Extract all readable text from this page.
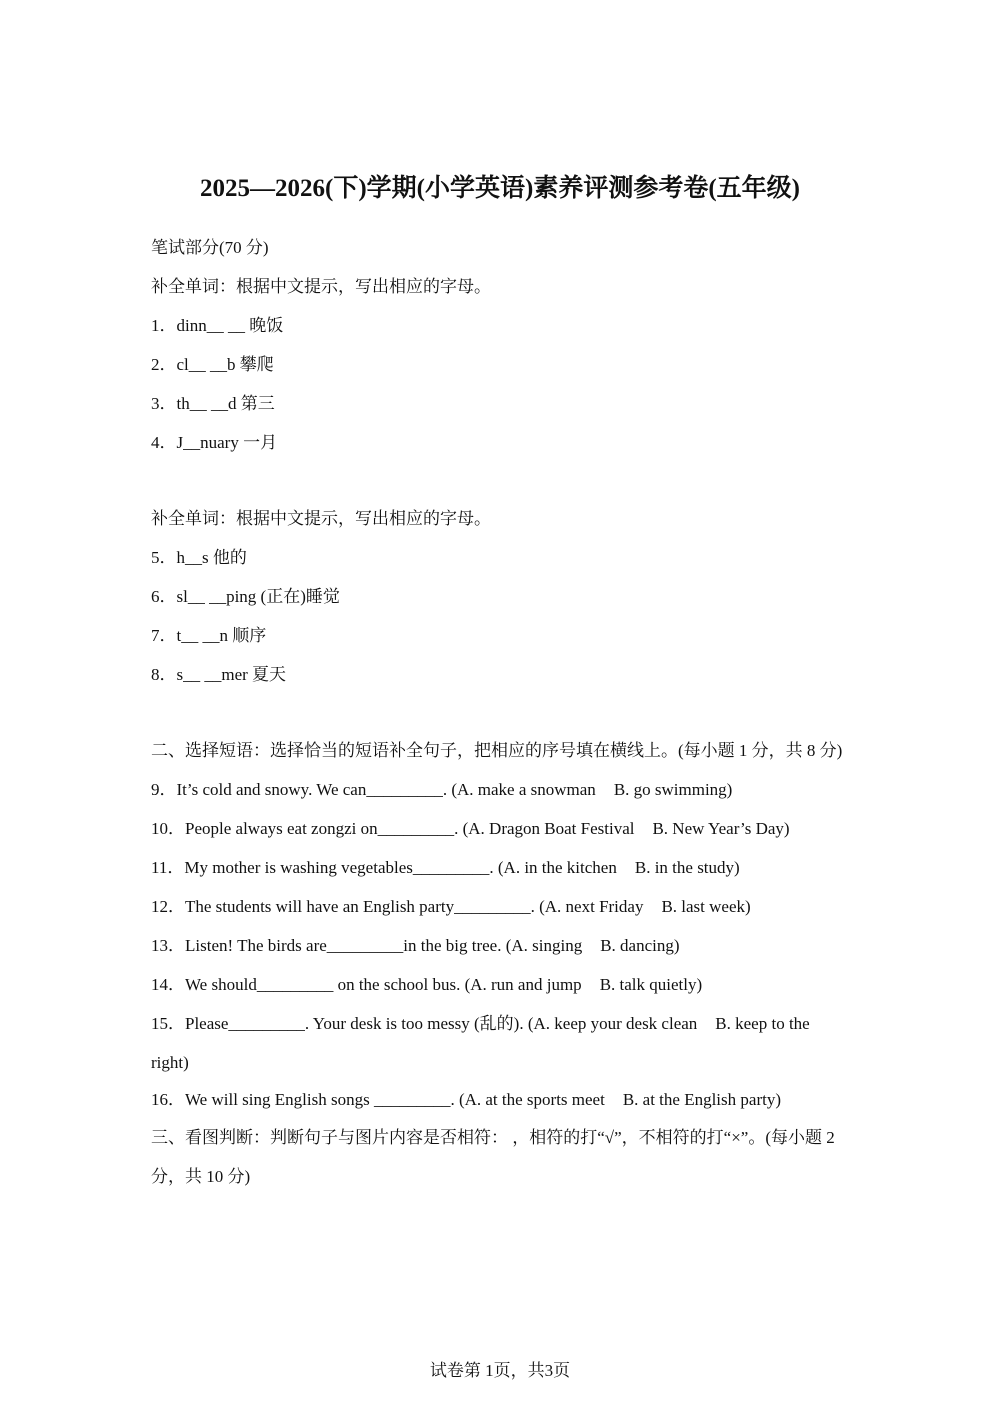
2025—2026(下)学期(小学英语)素养评测参考卷(五年级)
笔试部分(70 分)
补全单词：根据中文提示，写出相应的字母。
1．dinn__ __ 晚饭
2．cl__ __b 攀爬
3．th__ __d 第三
4．J__nuary 一月
补全单词：根据中文提示，写出相应的字母。
5．h__s 他的
6．sl__ __ping (正在)睡觉
7．t__ __n 顺序
8．s__ __mer 夏天
二、选择短语：选择恰当的短语补全句子，把相应的序号填在横线上。(每小题 1 分，共 8 分)
9．It’s cold and snowy. We can_________. (A. make a snowman B. go swimming)
10．People always eat zongzi on_________. (A. Dragon Boat Festival B. New Year’s Day)
11．My mother is washing vegetables_________. (A. in the kitchen B. in the study)
12．The students will have an English party_________. (A. next Friday B. last week)
13．Listen! The birds are_________in the big tree. (A. singing B. dancing)
14．We should_________ on the school bus. (A. run and jump B. talk quietly)
15．Please_________. Your desk is too messy (乱的). (A. keep your desk clean B. keep to the right)
16．We will sing English songs _________. (A. at the sports meet B. at the English party)
三、看图判断：判断句子与图片内容是否相符： ，相符的打“√”，不相符的打“×”。(每小题 2 分，共 10 分)
试卷第 1页，共3页
